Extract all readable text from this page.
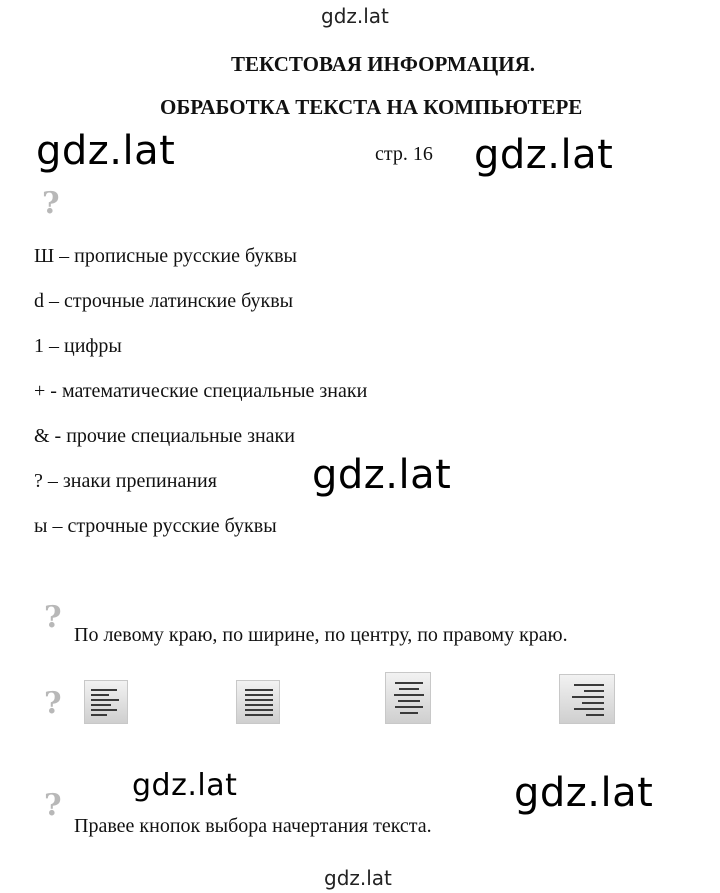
gdz.lat
gdz.lat	gdz.lat
gdz.lat
gdz.lat	gdz.lat
gdz.lat
ТЕКСТОВАЯ ИНФОРМАЦИЯ.
ОБРАБОТКА ТЕКСТА НА КОМПЬЮТЕРЕ
стр. 16
?
Ш – прописные русские буквы
d – строчные латинские буквы
1 – цифры
+ - математические специальные знаки
& - прочие специальные знаки
? – знаки препинания
ы – строчные русские буквы
? По левому краю, по ширине, по центру, по правому краю.
?
?
Правее кнопок выбора начертания текста.
